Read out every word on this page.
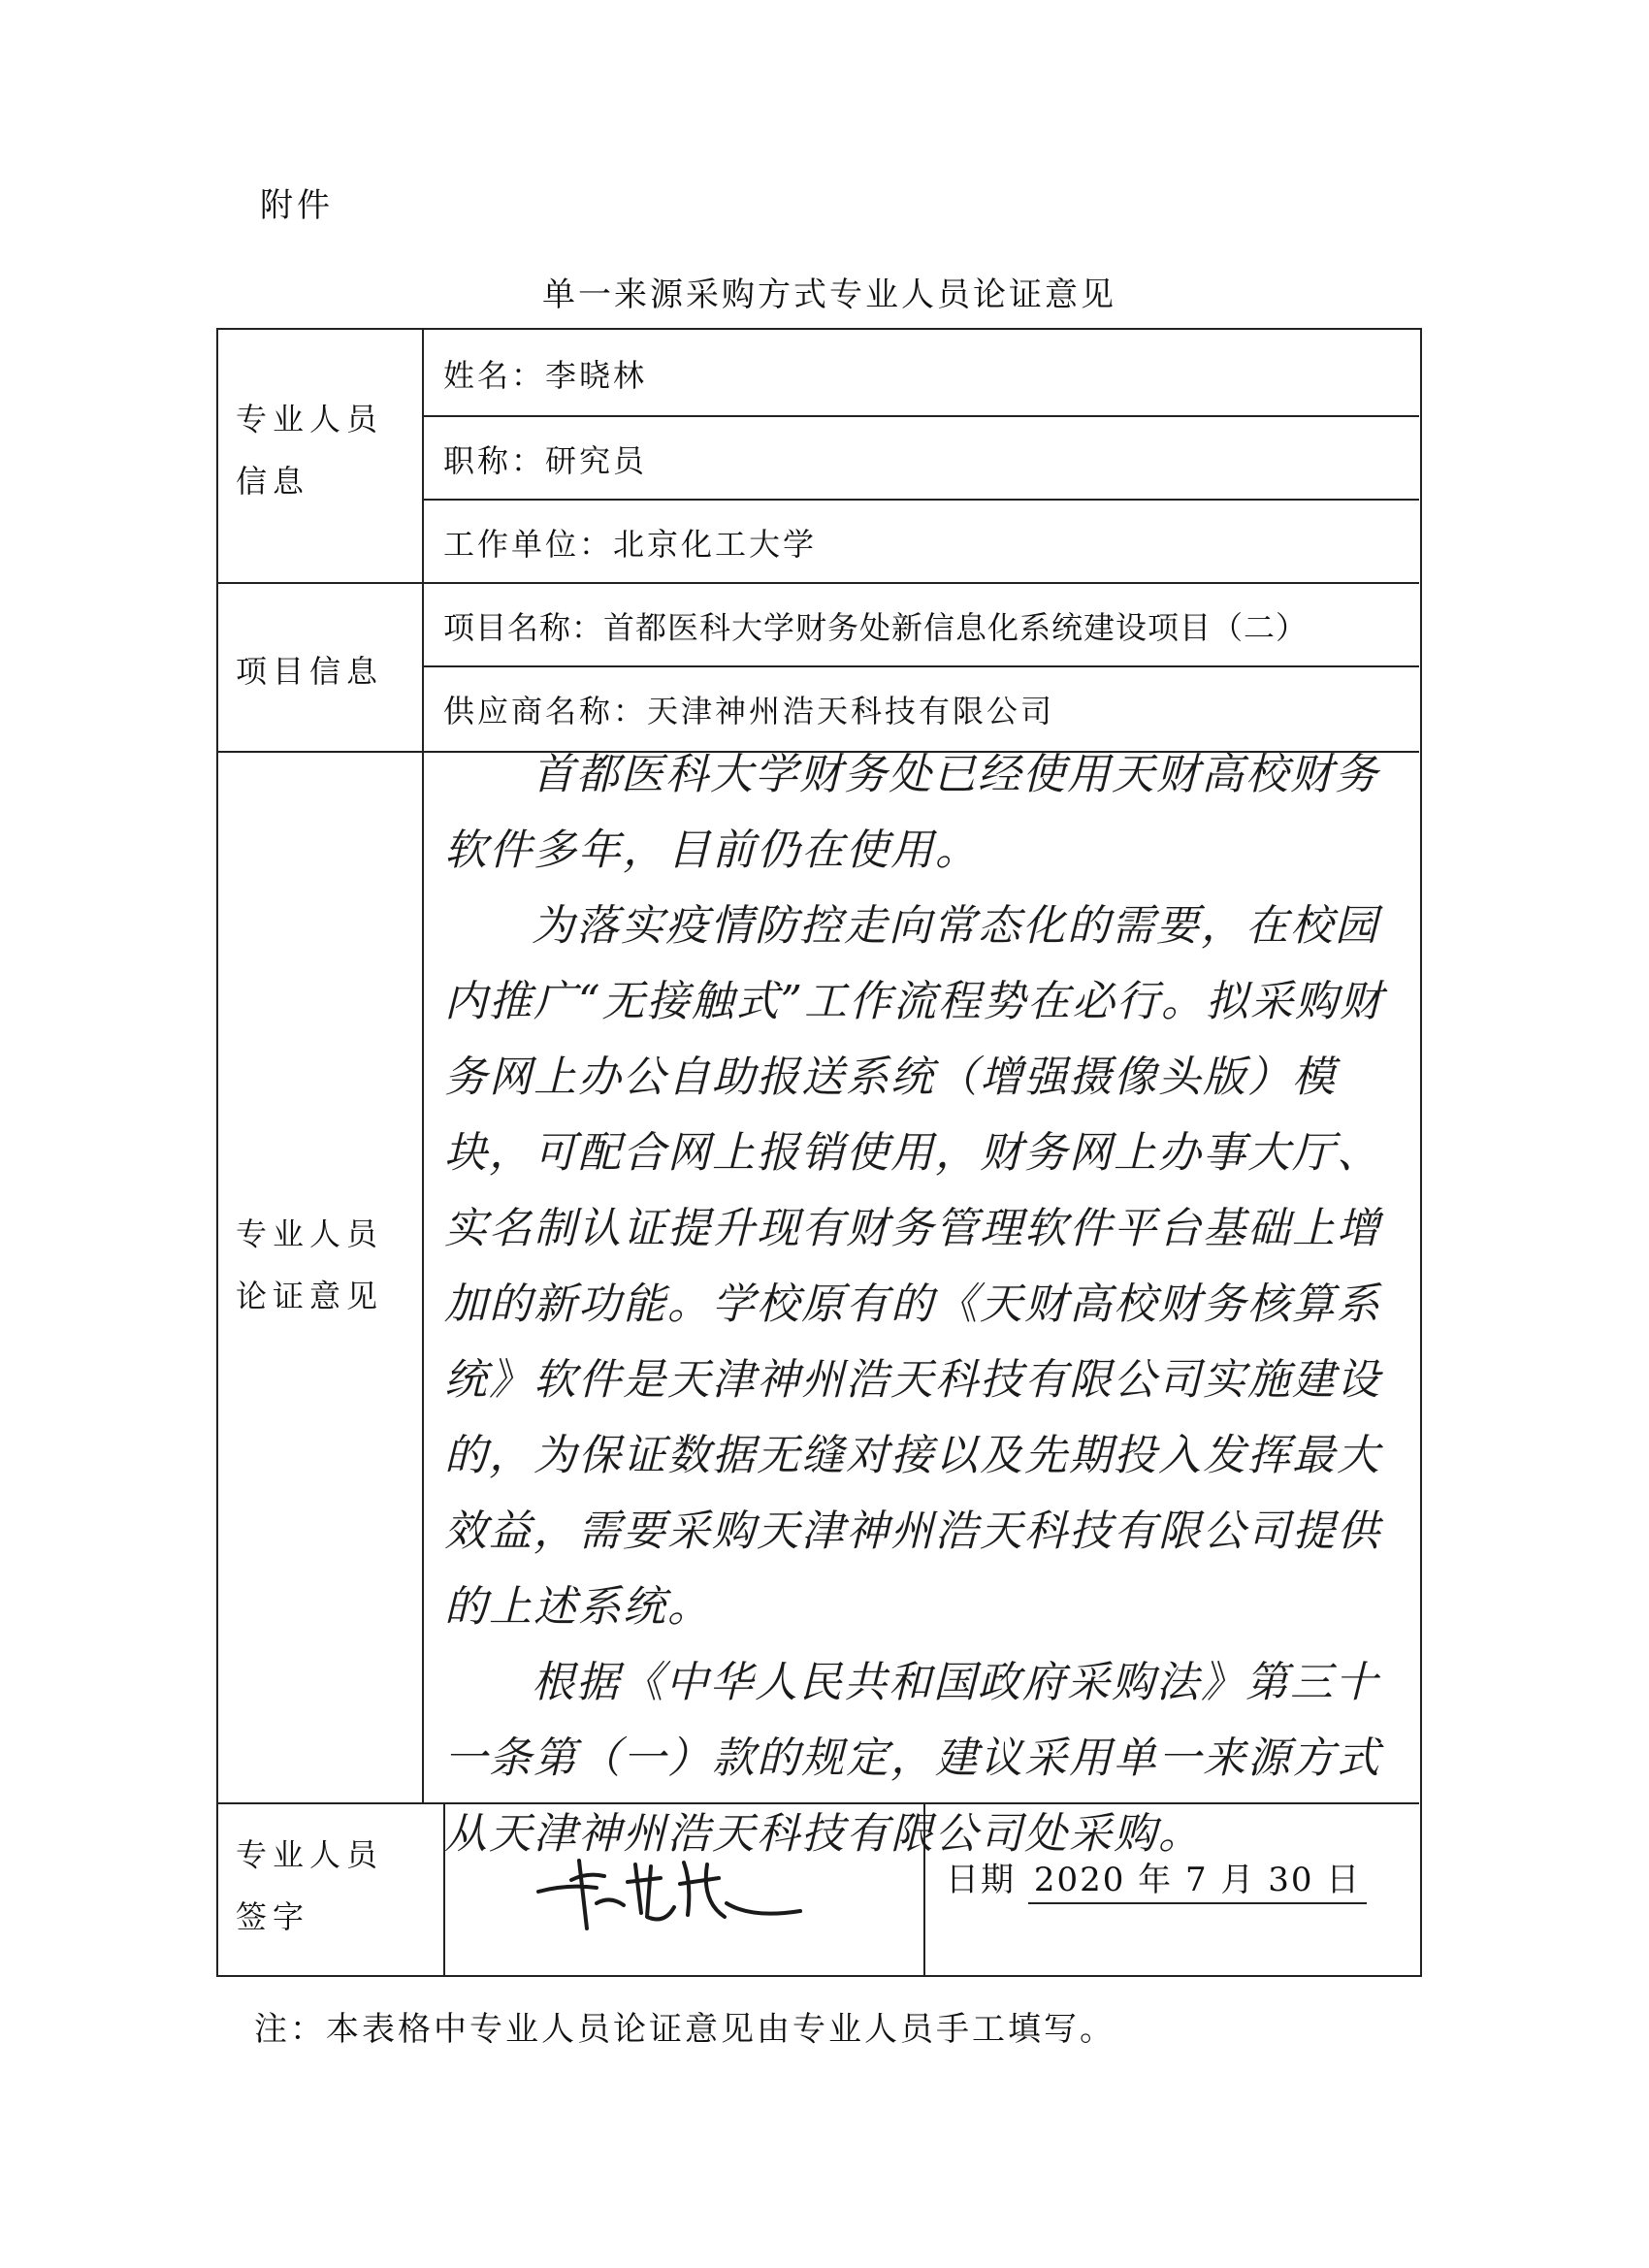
附件
单一来源采购方式专业人员论证意见
专业人员
信息
姓名：李晓林
职称：研究员
工作单位：北京化工大学
项目信息
项目名称：首都医科大学财务处新信息化系统建设项目（二）
供应商名称：天津神州浩天科技有限公司
专业人员
论证意见

首都医科大学财务处已经使用天财高校财务软件多年，目前仍在使用。

为落实疫情防控走向常态化的需要，在校园内推广“无接触式”工作流程势在必行。拟采购财务网上办公自助报送系统（增强摄像头版）模块，可配合网上报销使用，财务网上办事大厅、实名制认证提升现有财务管理软件平台基础上增加的新功能。学校原有的《天财高校财务核算系统》软件是天津神州浩天科技有限公司实施建设的，为保证数据无缝对接以及先期投入发挥最大效益，需要采购天津神州浩天科技有限公司提供的上述系统。

根据《中华人民共和国政府采购法》第三十一条第（一）款的规定，建议采用单一来源方式从天津神州浩天科技有限公司处采购。

专业人员
签字
日期 2020 年 7 月 30 日
注：本表格中专业人员论证意见由专业人员手工填写。
